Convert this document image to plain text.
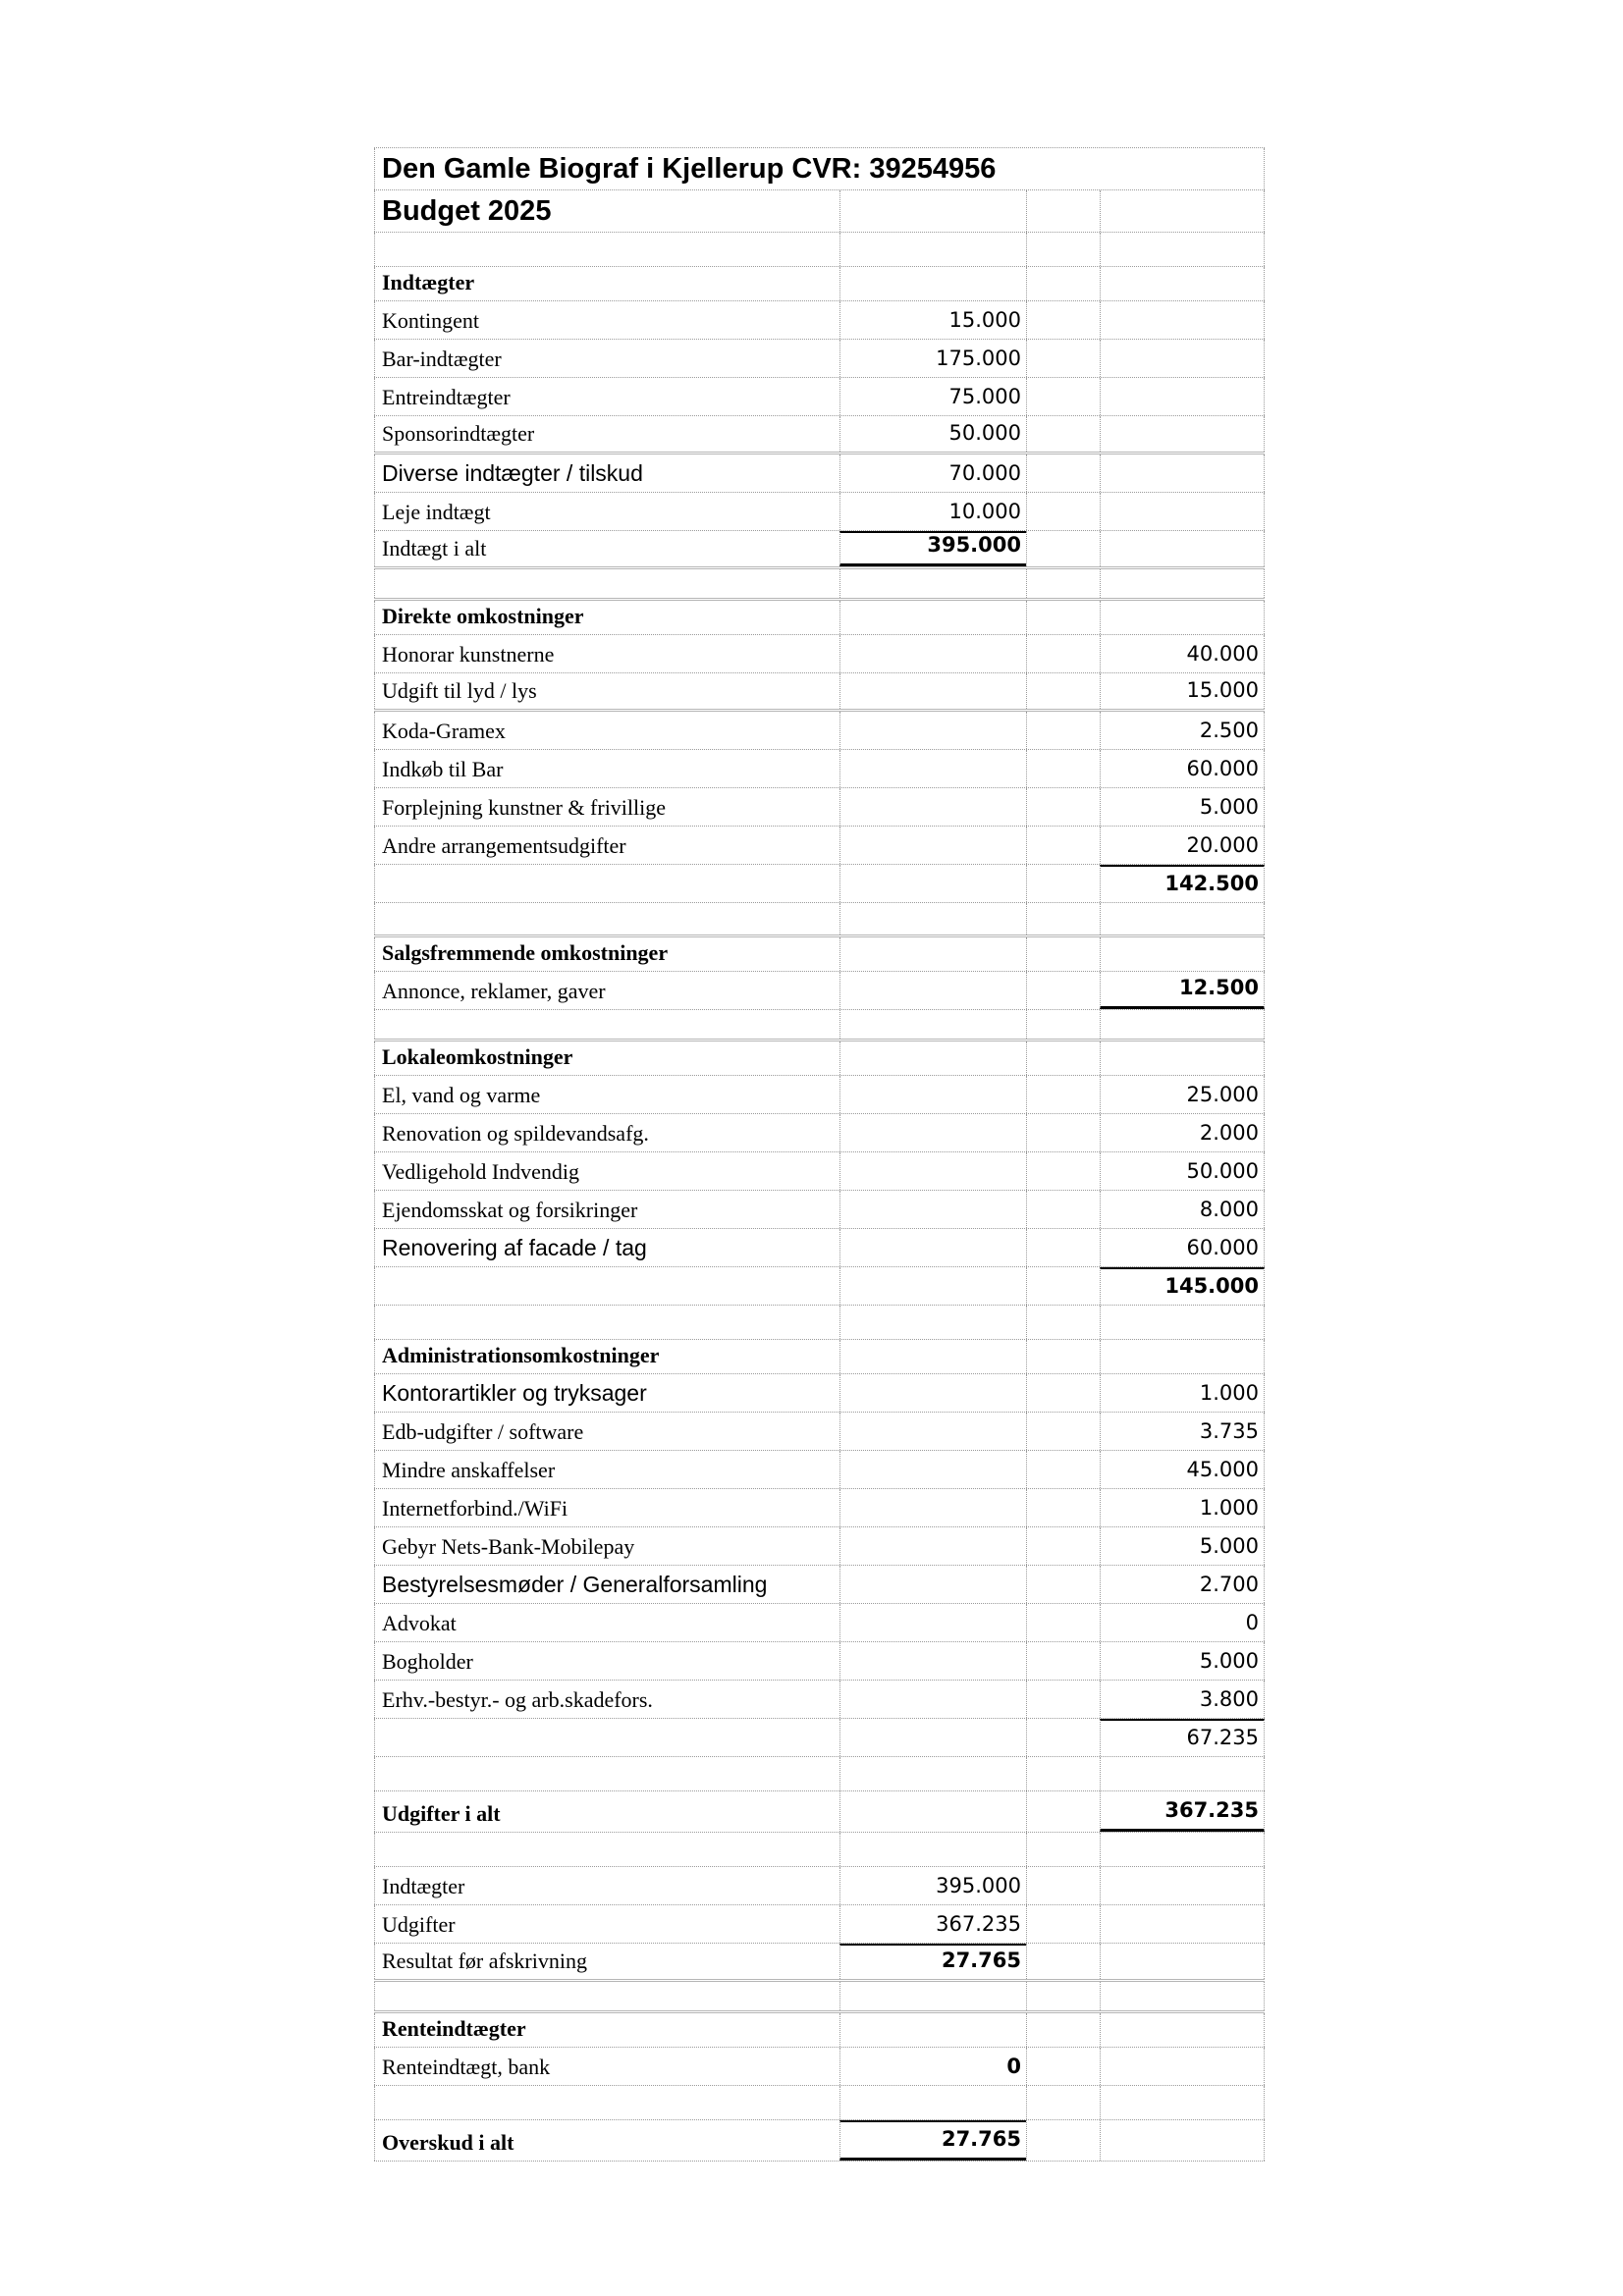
Den Gamle Biograf i Kjellerup CVR: 39254956
Budget 2025
Indtægter
Kontingent	15.000
Bar-indtægter	175.000
Entreindtægter	75.000
Sponsorindtægter	50.000
Diverse indtægter / tilskud	70.000
Leje indtægt	10.000
Indtægt i alt	395.000
Direkte omkostninger
Honorar kunstnerne	40.000
Udgift til lyd / lys	15.000
Koda-Gramex	2.500
Indkøb til Bar	60.000
Forplejning kunstner & frivillige	5.000
Andre arrangementsudgifter	20.000
142.500
Salgsfremmende omkostninger
Annonce, reklamer, gaver	12.500
Lokaleomkostninger
El, vand og varme	25.000
Renovation og spildevandsafg.	2.000
Vedligehold Indvendig	50.000
Ejendomsskat og forsikringer	8.000
Renovering af facade / tag	60.000
145.000
Administrationsomkostninger
Kontorartikler og tryksager	1.000
Edb-udgifter / software	3.735
Mindre anskaffelser	45.000
Internetforbind./WiFi	1.000
Gebyr Nets-Bank-Mobilepay	5.000
Bestyrelsesmøder / Generalforsamling	2.700
Advokat	0
Bogholder	5.000
Erhv.-bestyr.- og arb.skadefors.	3.800
67.235
Udgifter i alt	367.235
Indtægter	395.000
Udgifter	367.235
Resultat før afskrivning	27.765
Renteindtægter
Renteindtægt, bank	0
Overskud i alt	27.765
